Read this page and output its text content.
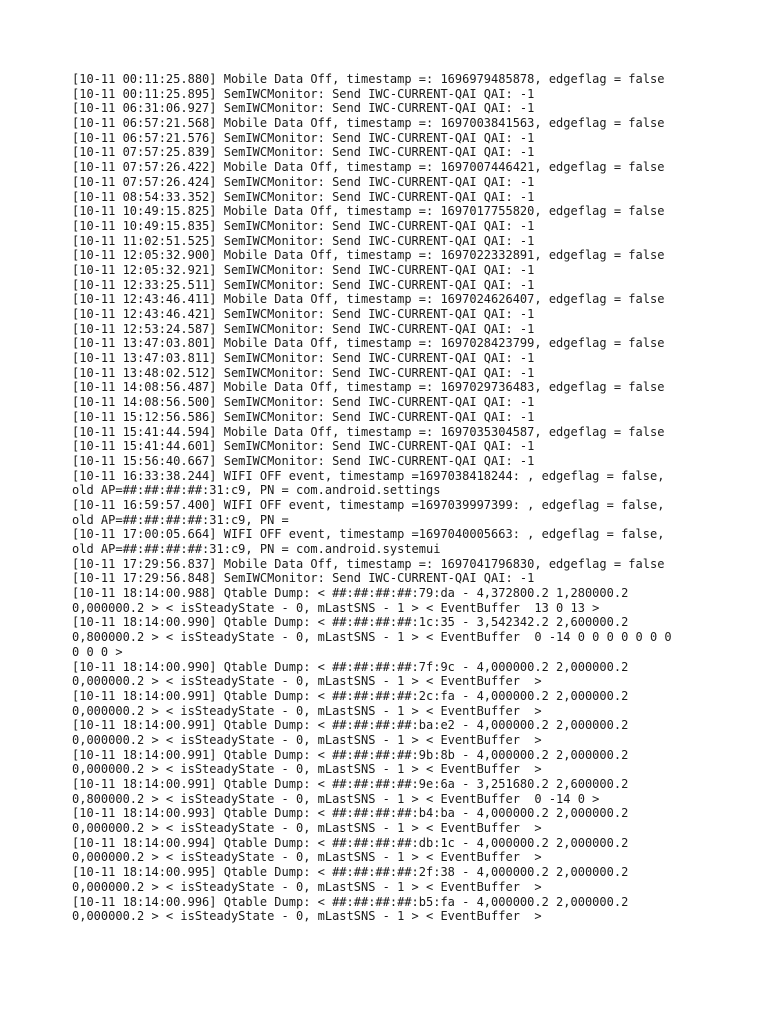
[10-11 00:11:25.880] Mobile Data Off, timestamp =: 1696979485878, edgeflag = false
[10-11 00:11:25.895] SemIWCMonitor: Send IWC-CURRENT-QAI QAI: -1
[10-11 06:31:06.927] SemIWCMonitor: Send IWC-CURRENT-QAI QAI: -1
[10-11 06:57:21.568] Mobile Data Off, timestamp =: 1697003841563, edgeflag = false
[10-11 06:57:21.576] SemIWCMonitor: Send IWC-CURRENT-QAI QAI: -1
[10-11 07:57:25.839] SemIWCMonitor: Send IWC-CURRENT-QAI QAI: -1
[10-11 07:57:26.422] Mobile Data Off, timestamp =: 1697007446421, edgeflag = false
[10-11 07:57:26.424] SemIWCMonitor: Send IWC-CURRENT-QAI QAI: -1
[10-11 08:54:33.352] SemIWCMonitor: Send IWC-CURRENT-QAI QAI: -1
[10-11 10:49:15.825] Mobile Data Off, timestamp =: 1697017755820, edgeflag = false
[10-11 10:49:15.835] SemIWCMonitor: Send IWC-CURRENT-QAI QAI: -1
[10-11 11:02:51.525] SemIWCMonitor: Send IWC-CURRENT-QAI QAI: -1
[10-11 12:05:32.900] Mobile Data Off, timestamp =: 1697022332891, edgeflag = false
[10-11 12:05:32.921] SemIWCMonitor: Send IWC-CURRENT-QAI QAI: -1
[10-11 12:33:25.511] SemIWCMonitor: Send IWC-CURRENT-QAI QAI: -1
[10-11 12:43:46.411] Mobile Data Off, timestamp =: 1697024626407, edgeflag = false
[10-11 12:43:46.421] SemIWCMonitor: Send IWC-CURRENT-QAI QAI: -1
[10-11 12:53:24.587] SemIWCMonitor: Send IWC-CURRENT-QAI QAI: -1
[10-11 13:47:03.801] Mobile Data Off, timestamp =: 1697028423799, edgeflag = false
[10-11 13:47:03.811] SemIWCMonitor: Send IWC-CURRENT-QAI QAI: -1
[10-11 13:48:02.512] SemIWCMonitor: Send IWC-CURRENT-QAI QAI: -1
[10-11 14:08:56.487] Mobile Data Off, timestamp =: 1697029736483, edgeflag = false
[10-11 14:08:56.500] SemIWCMonitor: Send IWC-CURRENT-QAI QAI: -1
[10-11 15:12:56.586] SemIWCMonitor: Send IWC-CURRENT-QAI QAI: -1
[10-11 15:41:44.594] Mobile Data Off, timestamp =: 1697035304587, edgeflag = false
[10-11 15:41:44.601] SemIWCMonitor: Send IWC-CURRENT-QAI QAI: -1
[10-11 15:56:40.667] SemIWCMonitor: Send IWC-CURRENT-QAI QAI: -1
[10-11 16:33:38.244] WIFI OFF event, timestamp =1697038418244: , edgeflag = false,
old AP=##:##:##:##:31:c9, PN = com.android.settings
[10-11 16:59:57.400] WIFI OFF event, timestamp =1697039997399: , edgeflag = false,
old AP=##:##:##:##:31:c9, PN =
[10-11 17:00:05.664] WIFI OFF event, timestamp =1697040005663: , edgeflag = false,
old AP=##:##:##:##:31:c9, PN = com.android.systemui
[10-11 17:29:56.837] Mobile Data Off, timestamp =: 1697041796830, edgeflag = false
[10-11 17:29:56.848] SemIWCMonitor: Send IWC-CURRENT-QAI QAI: -1
[10-11 18:14:00.988] Qtable Dump: < ##:##:##:##:79:da - 4,372800.2 1,280000.2
0,000000.2 > < isSteadyState - 0, mLastSNS - 1 > < EventBuffer  13 0 13 >
[10-11 18:14:00.990] Qtable Dump: < ##:##:##:##:1c:35 - 3,542342.2 2,600000.2
0,800000.2 > < isSteadyState - 0, mLastSNS - 1 > < EventBuffer  0 -14 0 0 0 0 0 0 0
0 0 0 >
[10-11 18:14:00.990] Qtable Dump: < ##:##:##:##:7f:9c - 4,000000.2 2,000000.2
0,000000.2 > < isSteadyState - 0, mLastSNS - 1 > < EventBuffer  >
[10-11 18:14:00.991] Qtable Dump: < ##:##:##:##:2c:fa - 4,000000.2 2,000000.2
0,000000.2 > < isSteadyState - 0, mLastSNS - 1 > < EventBuffer  >
[10-11 18:14:00.991] Qtable Dump: < ##:##:##:##:ba:e2 - 4,000000.2 2,000000.2
0,000000.2 > < isSteadyState - 0, mLastSNS - 1 > < EventBuffer  >
[10-11 18:14:00.991] Qtable Dump: < ##:##:##:##:9b:8b - 4,000000.2 2,000000.2
0,000000.2 > < isSteadyState - 0, mLastSNS - 1 > < EventBuffer  >
[10-11 18:14:00.991] Qtable Dump: < ##:##:##:##:9e:6a - 3,251680.2 2,600000.2
0,800000.2 > < isSteadyState - 0, mLastSNS - 1 > < EventBuffer  0 -14 0 >
[10-11 18:14:00.993] Qtable Dump: < ##:##:##:##:b4:ba - 4,000000.2 2,000000.2
0,000000.2 > < isSteadyState - 0, mLastSNS - 1 > < EventBuffer  >
[10-11 18:14:00.994] Qtable Dump: < ##:##:##:##:db:1c - 4,000000.2 2,000000.2
0,000000.2 > < isSteadyState - 0, mLastSNS - 1 > < EventBuffer  >
[10-11 18:14:00.995] Qtable Dump: < ##:##:##:##:2f:38 - 4,000000.2 2,000000.2
0,000000.2 > < isSteadyState - 0, mLastSNS - 1 > < EventBuffer  >
[10-11 18:14:00.996] Qtable Dump: < ##:##:##:##:b5:fa - 4,000000.2 2,000000.2
0,000000.2 > < isSteadyState - 0, mLastSNS - 1 > < EventBuffer  >
